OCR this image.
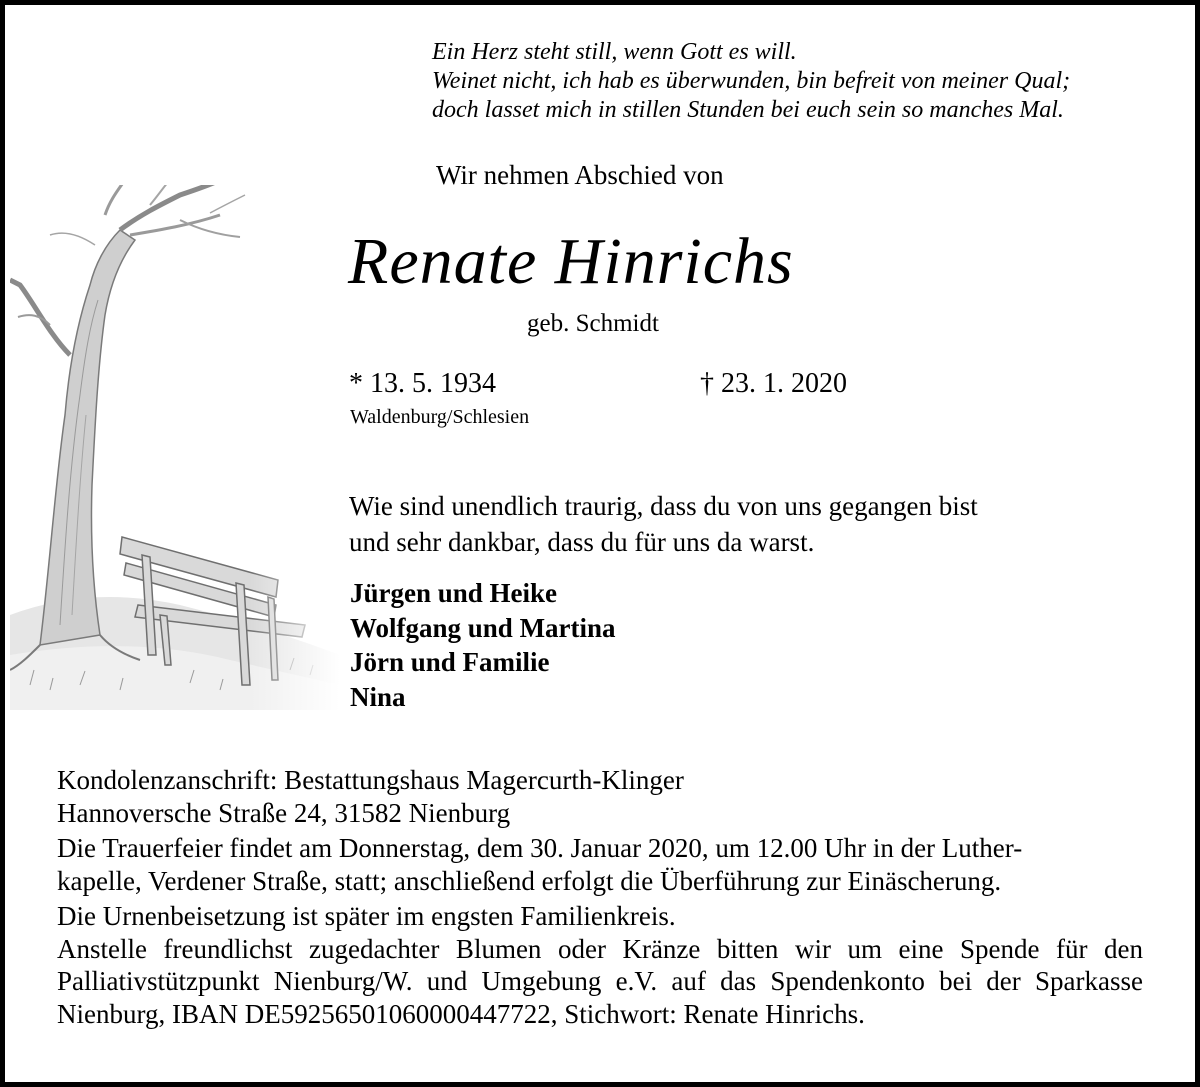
Ein Herz steht still, wenn Gott es will.
Weinet nicht, ich hab es überwunden, bin befreit von meiner Qual;
doch lasset mich in stillen Stunden bei euch sein so manches Mal.
Wir nehmen Abschied von
Renate Hinrichs
geb. Schmidt
* 13. 5. 1934	† 23. 1. 2020
Waldenburg/Schlesien
Wie sind unendlich traurig, dass du von uns gegangen bist
und sehr dankbar, dass du für uns da warst.
Jürgen und Heike
Wolfgang und Martina
Jörn und Familie
Nina

Kondolenzanschrift: Bestattungshaus Magercurth-Klinger
Hannoversche Straße 24, 31582 Nienburg

Die Trauerfeier findet am Donnerstag, dem 30. Januar 2020, um 12.00 Uhr in der Luther-
kapelle, Verdener Straße, statt; anschließend erfolgt die Überführung zur Einäscherung.

Die Urnenbeisetzung ist später im engsten Familienkreis.

Anstelle freundlichst zugedachter Blumen oder Kränze bitten wir um eine Spende für den Palliativstützpunkt Nienburg/W. und Umgebung e.V. auf das Spendenkonto bei der Sparkasse Nienburg, IBAN DE59256501060000447722, Stichwort: Renate Hinrichs.
